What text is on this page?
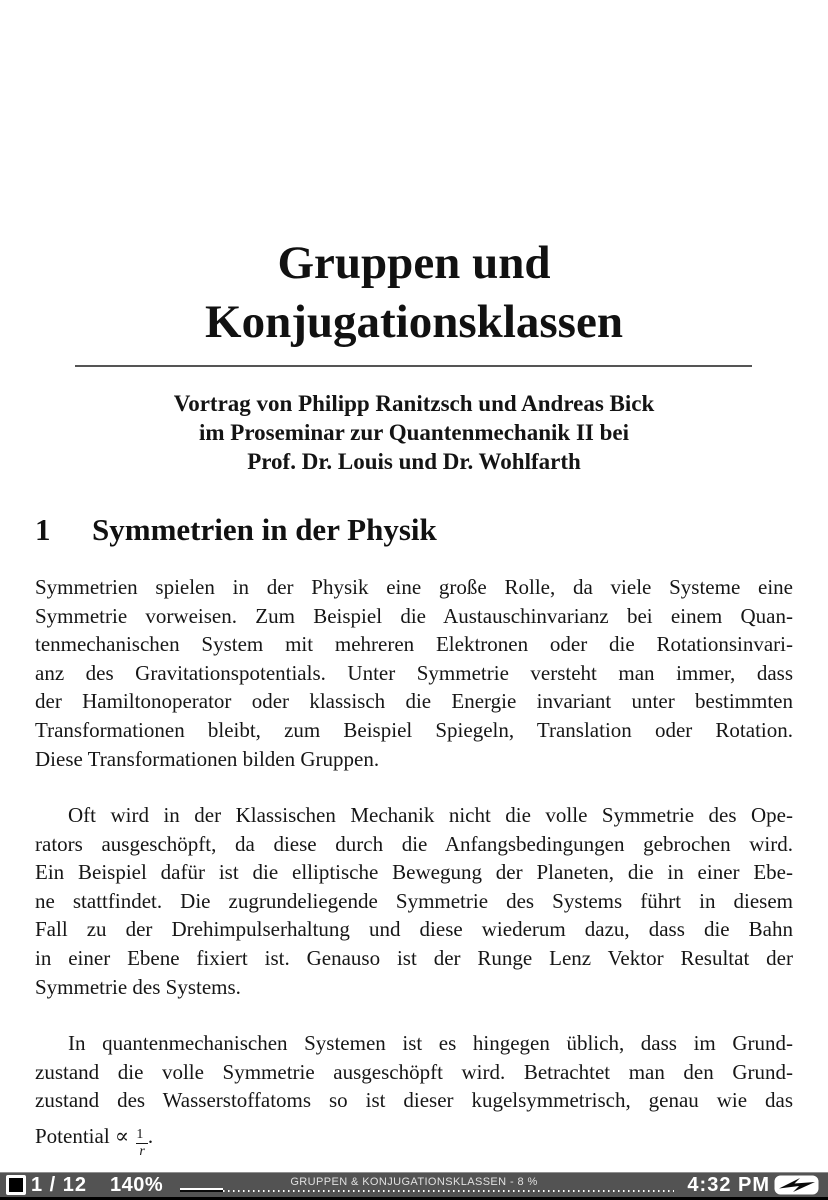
Gruppen und
Konjugationsklassen
Vortrag von Philipp Ranitzsch und Andreas Bick
im Proseminar zur Quantenmechanik II bei
Prof. Dr. Louis und Dr. Wohlfarth
1 Symmetrien in der Physik
Symmetrien spielen in der Physik eine große Rolle, da viele Systeme eine
Symmetrie vorweisen. Zum Beispiel die Austauschinvarianz bei einem Quan-
tenmechanischen System mit mehreren Elektronen oder die Rotationsinvari-
anz des Gravitationspotentials. Unter Symmetrie versteht man immer, dass
der Hamiltonoperator oder klassisch die Energie invariant unter bestimmten
Transformationen bleibt, zum Beispiel Spiegeln, Translation oder Rotation.
Diese Transformationen bilden Gruppen.
Oft wird in der Klassischen Mechanik nicht die volle Symmetrie des Ope-
rators ausgeschöpft, da diese durch die Anfangsbedingungen gebrochen wird.
Ein Beispiel dafür ist die elliptische Bewegung der Planeten, die in einer Ebe-
ne stattfindet. Die zugrundeliegende Symmetrie des Systems führt in diesem
Fall zu der Drehimpulserhaltung und diese wiederum dazu, dass die Bahn
in einer Ebene fixiert ist. Genauso ist der Runge Lenz Vektor Resultat der
Symmetrie des Systems.
In quantenmechanischen Systemen ist es hingegen üblich, dass im Grund-
zustand die volle Symmetrie ausgeschöpft wird. Betrachtet man den Grund-
zustand des Wasserstoffatoms so ist dieser kugelsymmetrisch, genau wie das
Potential ∝ $\frac{1}{r}$ .
1 / 12 140%	GRUPPEN & KONJUGATIONSKLASSEN - 8 %	4:32 PM
